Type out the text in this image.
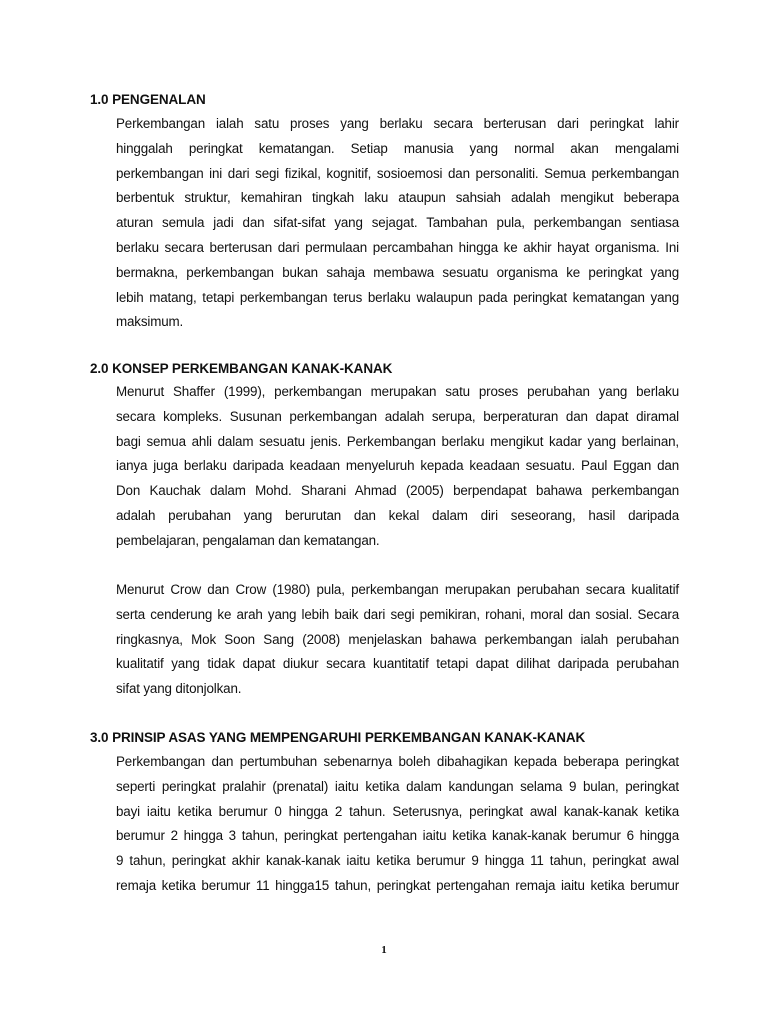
1.0 PENGENALAN
Perkembangan ialah satu proses yang berlaku secara berterusan dari peringkat lahir
hinggalah peringkat kematangan. Setiap manusia yang normal akan mengalami
perkembangan ini dari segi fizikal, kognitif, sosioemosi dan personaliti. Semua perkembangan
berbentuk struktur, kemahiran tingkah laku ataupun sahsiah adalah mengikut beberapa
aturan semula jadi dan sifat-sifat yang sejagat. Tambahan pula, perkembangan sentiasa
berlaku secara berterusan dari permulaan percambahan hingga ke akhir hayat organisma. Ini
bermakna, perkembangan bukan sahaja membawa sesuatu organisma ke peringkat yang
lebih matang, tetapi perkembangan terus berlaku walaupun pada peringkat kematangan yang
maksimum.
2.0 KONSEP PERKEMBANGAN KANAK-KANAK
Menurut Shaffer (1999), perkembangan merupakan satu proses perubahan yang berlaku
secara kompleks. Susunan perkembangan adalah serupa, berperaturan dan dapat diramal
bagi semua ahli dalam sesuatu jenis. Perkembangan berlaku mengikut kadar yang berlainan,
ianya juga berlaku daripada keadaan menyeluruh kepada keadaan sesuatu. Paul Eggan dan
Don Kauchak dalam Mohd. Sharani Ahmad (2005) berpendapat bahawa perkembangan
adalah perubahan yang berurutan dan kekal dalam diri seseorang, hasil daripada
pembelajaran, pengalaman dan kematangan.
Menurut Crow dan Crow (1980) pula, perkembangan merupakan perubahan secara kualitatif
serta cenderung ke arah yang lebih baik dari segi pemikiran, rohani, moral dan sosial. Secara
ringkasnya, Mok Soon Sang (2008) menjelaskan bahawa perkembangan ialah perubahan
kualitatif yang tidak dapat diukur secara kuantitatif tetapi dapat dilihat daripada perubahan
sifat yang ditonjolkan.
3.0 PRINSIP ASAS YANG MEMPENGARUHI PERKEMBANGAN KANAK-KANAK
Perkembangan dan pertumbuhan sebenarnya boleh dibahagikan kepada beberapa peringkat
seperti peringkat pralahir (prenatal) iaitu ketika dalam kandungan selama 9 bulan, peringkat
bayi iaitu ketika berumur 0 hingga 2 tahun. Seterusnya, peringkat awal kanak-kanak ketika
berumur 2 hingga 3 tahun, peringkat pertengahan iaitu ketika kanak-kanak berumur 6 hingga
9 tahun, peringkat akhir kanak-kanak iaitu ketika berumur 9 hingga 11 tahun, peringkat awal
remaja ketika berumur 11 hingga15 tahun, peringkat pertengahan remaja iaitu ketika berumur
1
